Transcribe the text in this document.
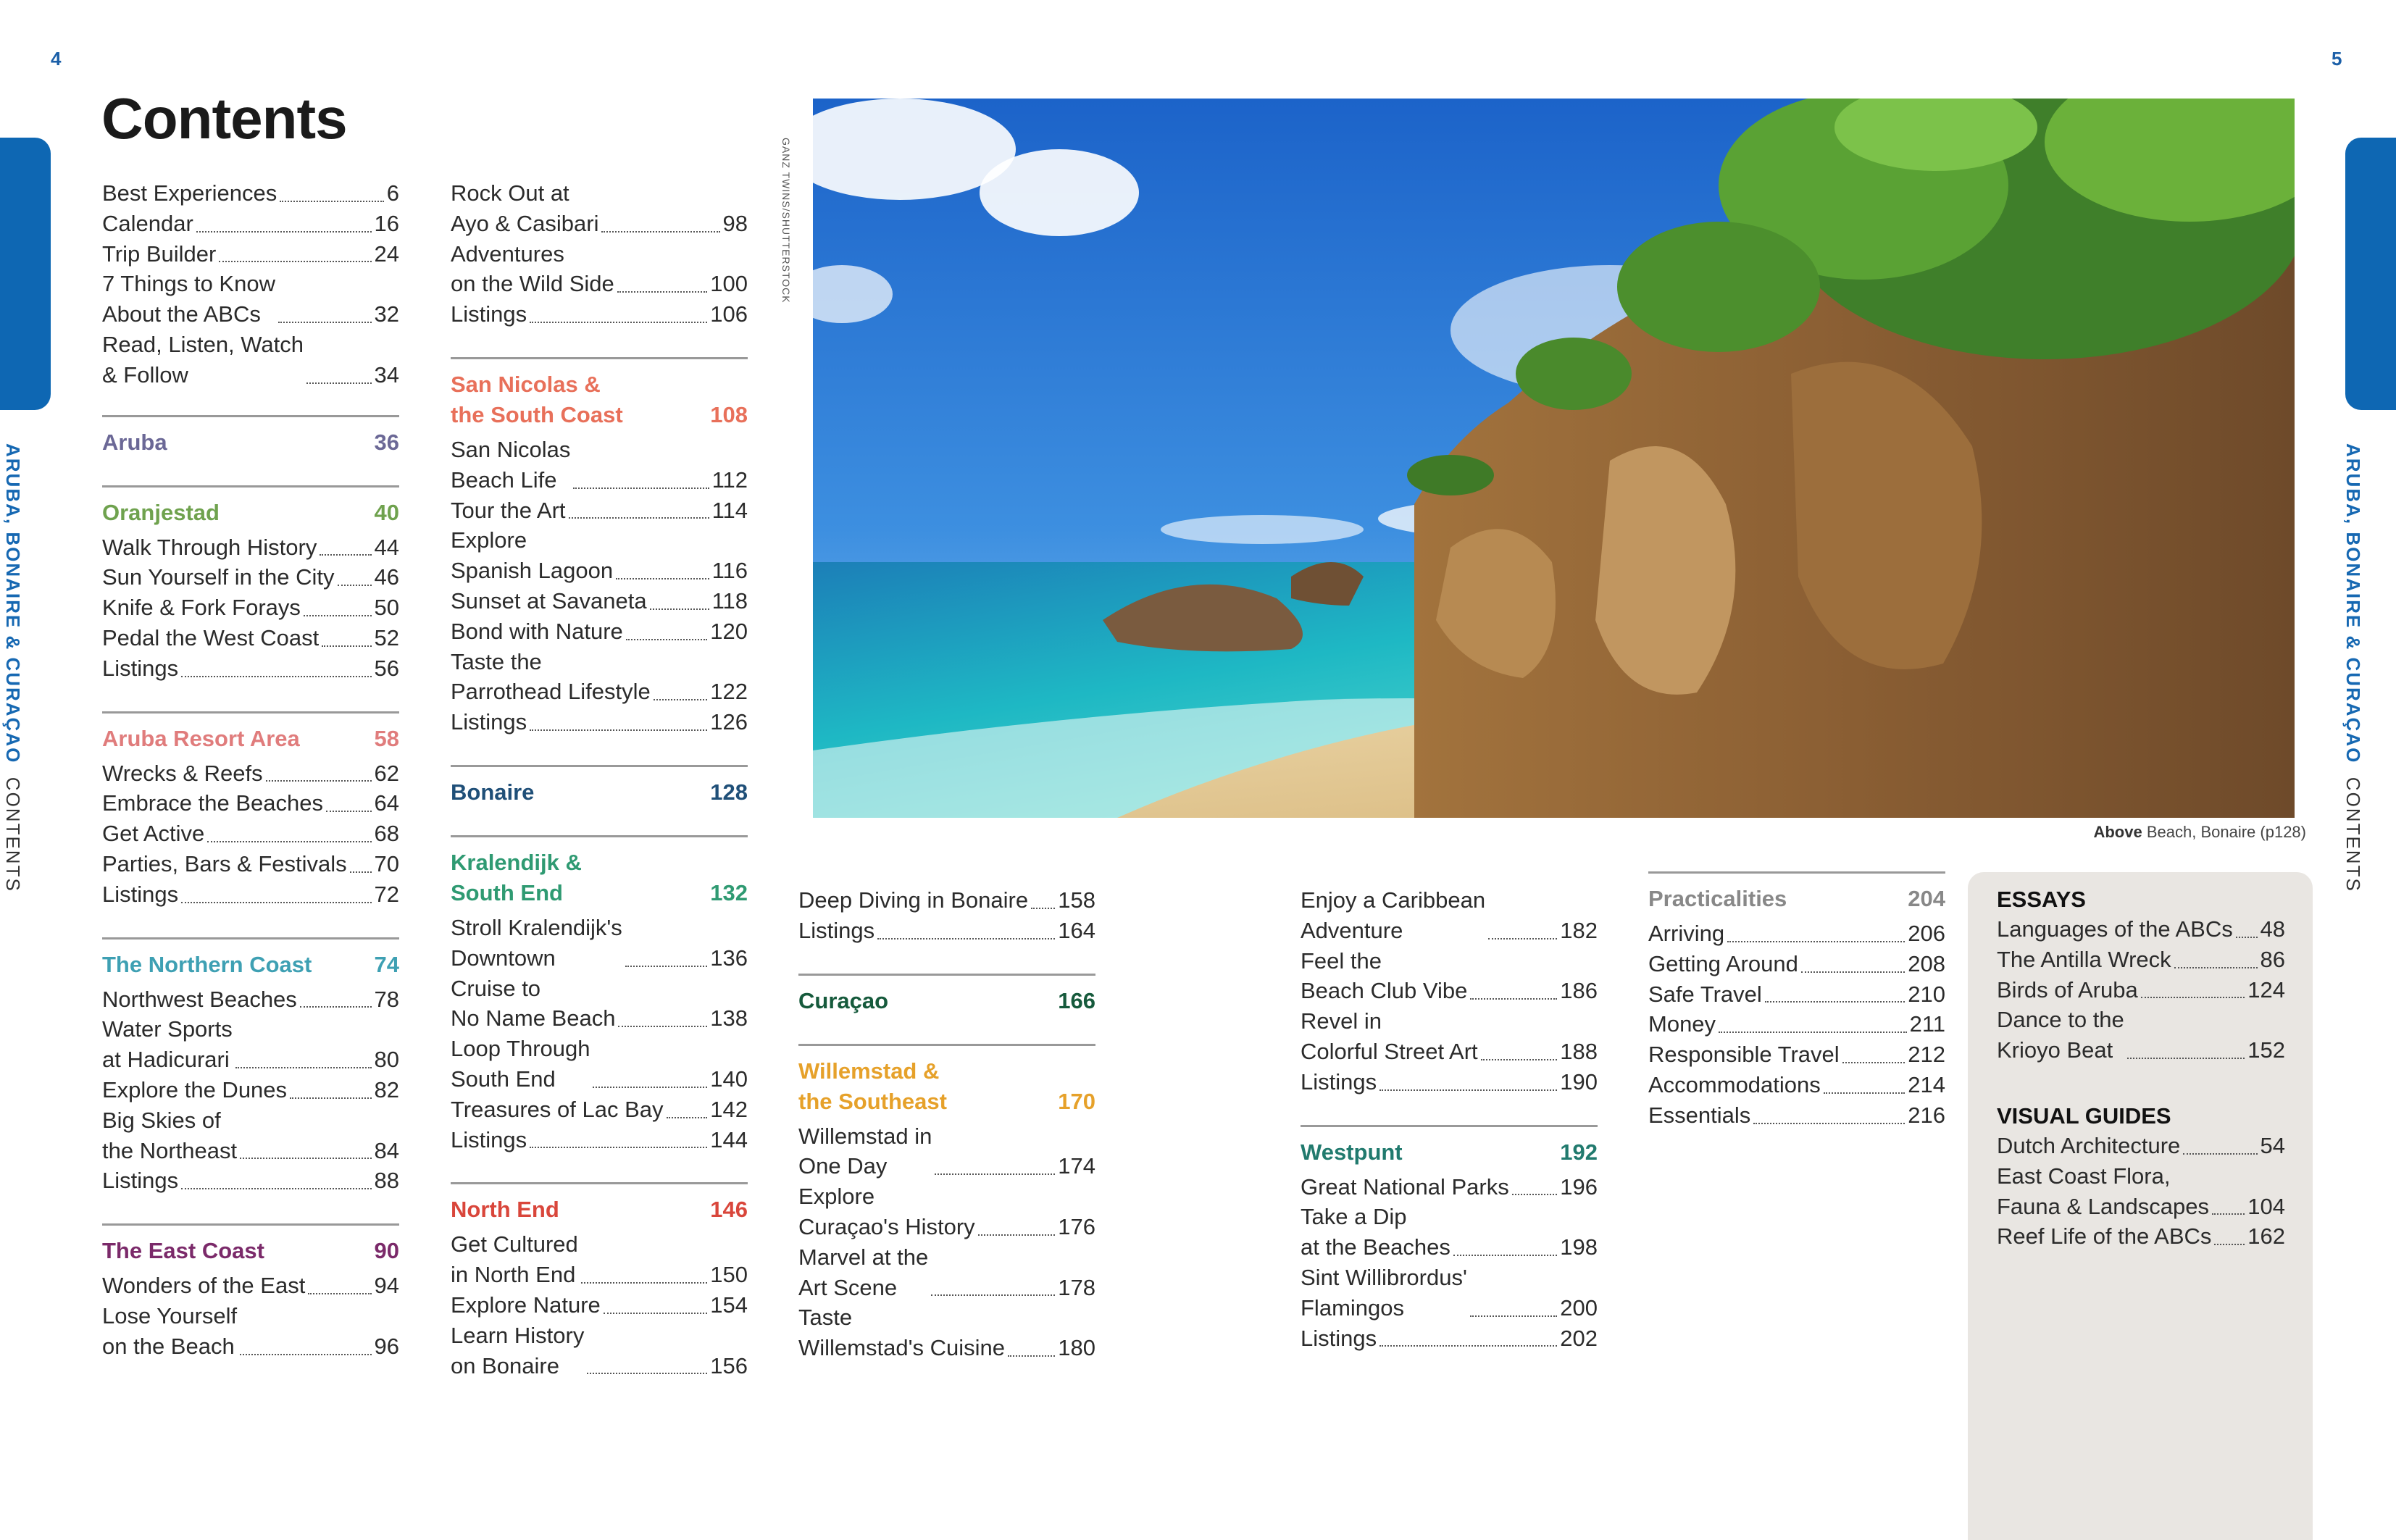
4	5
ARUBA, BONAIRE & CURAÇAO  CONTENTS
ARUBA, BONAIRE & CURAÇAO  CONTENTS
Contents
Best Experiences	6
Calendar	16
Trip Builder	24
7 Things to Know
About the ABCs	32
Read, Listen, Watch
& Follow	34
Aruba	36
Oranjestad	40
Walk Through History	44
Sun Yourself in the City 46
Knife & Fork Forays	50
Pedal the West Coast 52
Listings	56
Aruba Resort Area	58
Wrecks & Reefs	62
Embrace the Beaches 64
Get Active	68
Parties, Bars & Festivals 70
Listings	72
The Northern Coast	74
Northwest Beaches	78
Water Sports
at Hadicurari	80
Explore the Dunes	82
Big Skies of
the Northeast	84
Listings	88
The East Coast	90
Wonders of the East	94
Lose Yourself
on the Beach	96
Rock Out at
Ayo & Casibari	98
Adventures
on the Wild Side	100
Listings	106
San Nicolas &
the South Coast	108
San Nicolas
Beach Life	112
Tour the Art	114
Explore
Spanish Lagoon	116
Sunset at Savaneta	118
Bond with Nature	120
Taste the
Parrothead Lifestyle	122
Listings	126
Bonaire	128
Kralendijk &
South End	132
Stroll Kralendijk's
Downtown	136
Cruise to
No Name Beach	138
Loop Through
South End	140
Treasures of Lac Bay 142
Listings	144
North End	146
Get Cultured
in North End	150
Explore Nature	154
Learn History
on Bonaire	156
Deep Diving in Bonaire 158
Listings	164
Curaçao	166
Willemstad &
the Southeast	170
Willemstad in
One Day	174
Explore
Curaçao's History	176
Marvel at the
Art Scene	178
Taste
Willemstad's Cuisine 180
Enjoy a Caribbean
Adventure	182
Feel the
Beach Club Vibe	186
Revel in
Colorful Street Art	188
Listings	190
Westpunt	192
Great National Parks 196
Take a Dip
at the Beaches	198
Sint Willibrordus'
Flamingos	200
Listings	202
Practicalities	204
Arriving	206
Getting Around	208
Safe Travel	210
Money	211
Responsible Travel	212
Accommodations	214
Essentials	216
GANZ TWINS/SHUTTERSTOCK
Above Beach, Bonaire (p128)
ESSAYS
Languages of the ABCs 48
The Antilla Wreck	86
Birds of Aruba	124
Dance to the
Krioyo Beat	152
VISUAL GUIDES
Dutch Architecture	54
East Coast Flora,
Fauna & Landscapes 104
Reef Life of the ABCs 162
